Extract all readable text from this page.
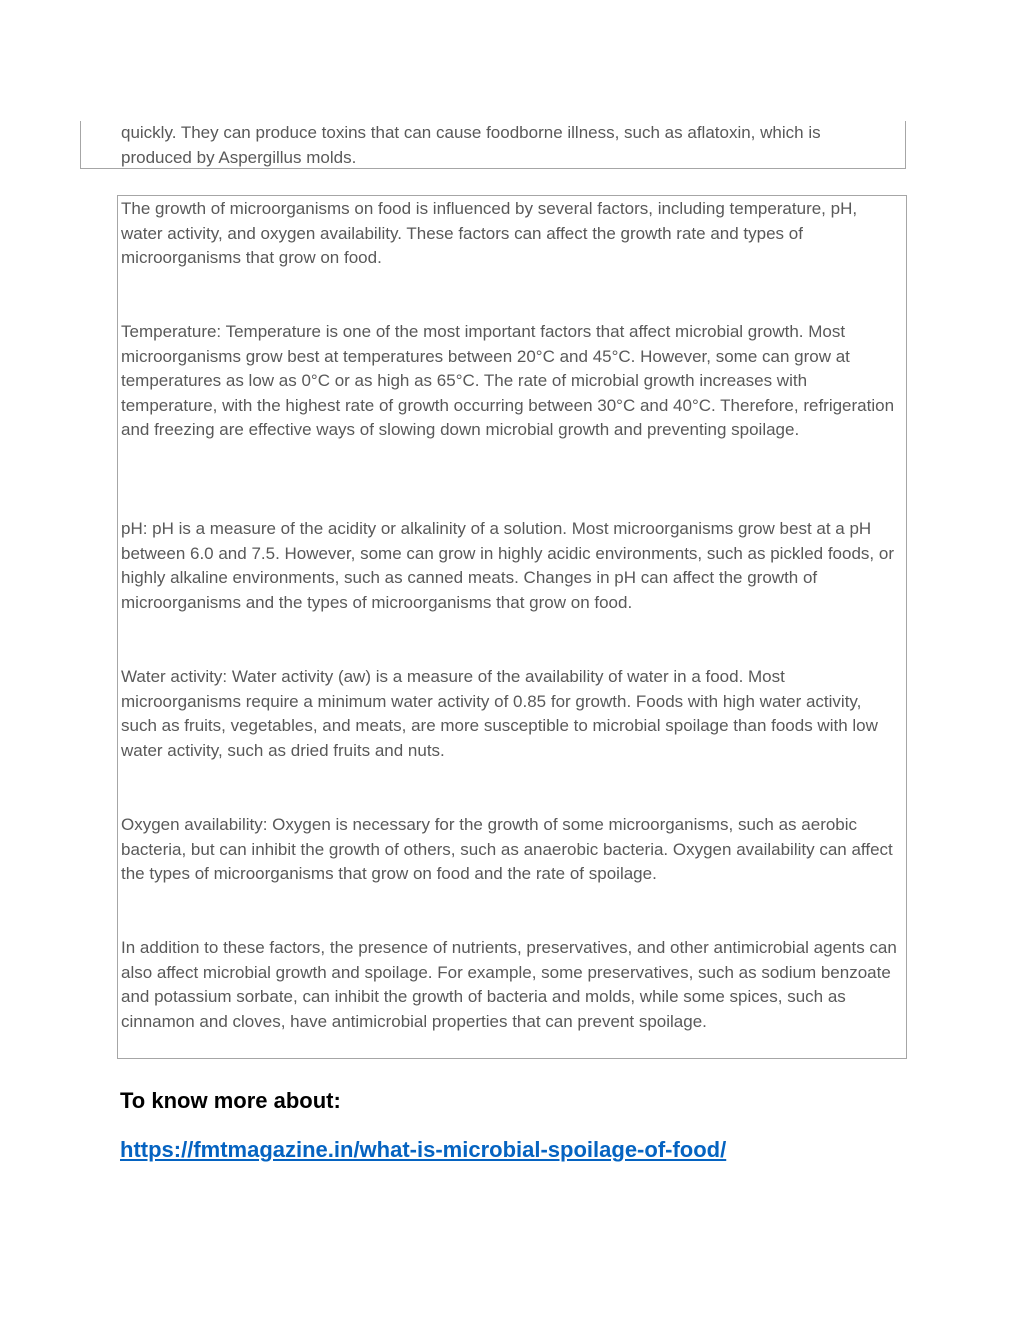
quickly. They can produce toxins that can cause foodborne illness, such as aflatoxin, which is produced by Aspergillus molds.

The growth of microorganisms on food is influenced by several factors, including temperature, pH, water activity, and oxygen availability. These factors can affect the growth rate and types of microorganisms that grow on food.

Temperature: Temperature is one of the most important factors that affect microbial growth. Most microorganisms grow best at temperatures between 20°C and 45°C. However, some can grow at temperatures as low as 0°C or as high as 65°C. The rate of microbial growth increases with temperature, with the highest rate of growth occurring between 30°C and 40°C. Therefore, refrigeration and freezing are effective ways of slowing down microbial growth and preventing spoilage.

pH: pH is a measure of the acidity or alkalinity of a solution. Most microorganisms grow best at a pH between 6.0 and 7.5. However, some can grow in highly acidic environments, such as pickled foods, or highly alkaline environments, such as canned meats. Changes in pH can affect the growth of microorganisms and the types of microorganisms that grow on food.

Water activity: Water activity (aw) is a measure of the availability of water in a food. Most microorganisms require a minimum water activity of 0.85 for growth. Foods with high water activity, such as fruits, vegetables, and meats, are more susceptible to microbial spoilage than foods with low water activity, such as dried fruits and nuts.

Oxygen availability: Oxygen is necessary for the growth of some microorganisms, such as aerobic bacteria, but can inhibit the growth of others, such as anaerobic bacteria. Oxygen availability can affect the types of microorganisms that grow on food and the rate of spoilage.

In addition to these factors, the presence of nutrients, preservatives, and other antimicrobial agents can also affect microbial growth and spoilage. For example, some preservatives, such as sodium benzoate and potassium sorbate, can inhibit the growth of bacteria and molds, while some spices, such as cinnamon and cloves, have antimicrobial properties that can prevent spoilage.

To know more about:
https://fmtmagazine.in/what-is-microbial-spoilage-of-food/
